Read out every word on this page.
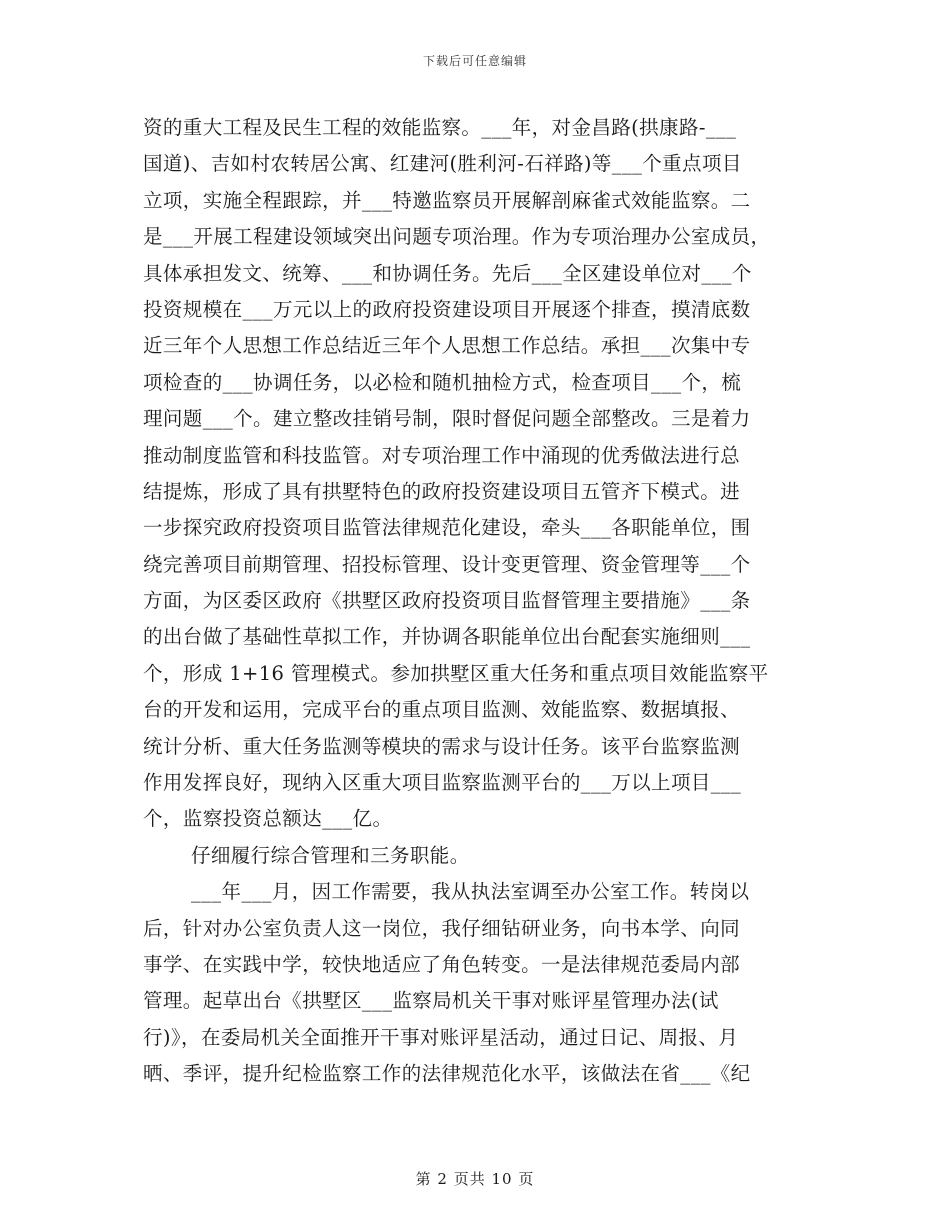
下载后可任意编辑
资的重大工程及民生工程的效能监察。___年，对金昌路(拱康路-___
国道)、吉如村农转居公寓、红建河(胜利河-石祥路)等___个重点项目
立项，实施全程跟踪，并___特邀监察员开展解剖麻雀式效能监察。二
是___开展工程建设领域突出问题专项治理。作为专项治理办公室成员，
具体承担发文、统筹、___和协调任务。先后___全区建设单位对___个
投资规模在___万元以上的政府投资建设项目开展逐个排查，摸清底数
近三年个人思想工作总结近三年个人思想工作总结。承担___次集中专
项检查的___协调任务，以必检和随机抽检方式，检查项目___个，梳
理问题___个。建立整改挂销号制，限时督促问题全部整改。三是着力
推动制度监管和科技监管。对专项治理工作中涌现的优秀做法进行总
结提炼，形成了具有拱墅特色的政府投资建设项目五管齐下模式。进
一步探究政府投资项目监管法律规范化建设，牵头___各职能单位，围
绕完善项目前期管理、招投标管理、设计变更管理、资金管理等___个
方面，为区委区政府《拱墅区政府投资项目监督管理主要措施》___条
的出台做了基础性草拟工作，并协调各职能单位出台配套实施细则___
个，形成 1+16 管理模式。参加拱墅区重大任务和重点项目效能监察平
台的开发和运用，完成平台的重点项目监测、效能监察、数据填报、
统计分析、重大任务监测等模块的需求与设计任务。该平台监察监测
作用发挥良好，现纳入区重大项目监察监测平台的___万以上项目___
个，监察投资总额达___亿。
仔细履行综合管理和三务职能。
___年___月，因工作需要，我从执法室调至办公室工作。转岗以
后，针对办公室负责人这一岗位，我仔细钻研业务，向书本学、向同
事学、在实践中学，较快地适应了角色转变。一是法律规范委局内部
管理。起草出台《拱墅区___监察局机关干事对账评星管理办法(试
行)》，在委局机关全面推开干事对账评星活动，通过日记、周报、月
晒、季评，提升纪检监察工作的法律规范化水平，该做法在省___《纪
第 2 页共 10 页
